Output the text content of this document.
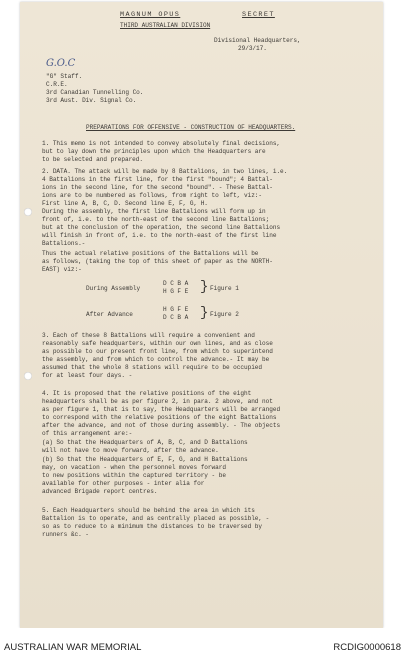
MAGNUM OPUS	SECRET
THIRD AUSTRALIAN DIVISION
Divisional Headquarters,
29/3/17.
G.O.C
"G" Staff.
C.R.E.
3rd Canadian Tunnelling Co.
3rd Aust. Div. Signal Co.
PREPARATIONS FOR OFFENSIVE - CONSTRUCTION OF HEADQUARTERS.
1. This memo is not intended to convey absolutely final decisions,
but to lay down the principles upon which the Headquarters are
to be selected and prepared.
2. DATA. The attack will be made by 8 Battalions, in two lines, i.e.
4 Battalions in the first line, for the first "bound"; 4 Battal-
ions in the second line, for the second "bound". - These Battal-
ions are to be numbered as follows, from right to left, viz:-
First line A, B, C, D. Second line E, F, G, H.
During the assembly, the first line Battalions will form up in
front of, i.e. to the north-east of the second line Battalions;
but at the conclusion of the operation, the second line Battalions
will finish in front of, i.e. to the north-east of the first line
Battalions.-
Thus the actual relative positions of the Battalions will be
as follows, (taking the top of this sheet of paper as the NORTH-
EAST) viz:-
During Assembly
D C B A
H G F E } Figure 1
After Advance
H G F E
D C B A } Figure 2
3. Each of these 8 Battalions will require a convenient and
reasonably safe headquarters, within our own lines, and as close
as possible to our present front line, from which to superintend
the assembly, and from which to control the advance.- It may be
assumed that the whole 8 stations will require to be occupied
for at least four days. -
4. It is proposed that the relative positions of the eight
headquarters shall be as per figure 2, in para. 2 above, and not
as per figure 1, that is to say, the Headquarters will be arranged
to correspond with the relative positions of the eight Battalions
after the advance, and not of those during assembly. - The objects
of this arrangement are:-
(a) So that the Headquarters of A, B, C, and D Battalions
will not have to move forward, after the advance.
(b) So that the Headquarters of E, F, G, and H Battalions
may, on vacation - when the personnel moves forward
to new positions within the captured territory - be
available for other purposes - inter alia for
advanced Brigade report centres.
5. Each Headquarters should be behind the area in which its
Battalion is to operate, and as centrally placed as possible, -
so as to reduce to a minimum the distances to be traversed by
runners &c. -
AUSTRALIAN WAR MEMORIAL	RCDIG0000618
